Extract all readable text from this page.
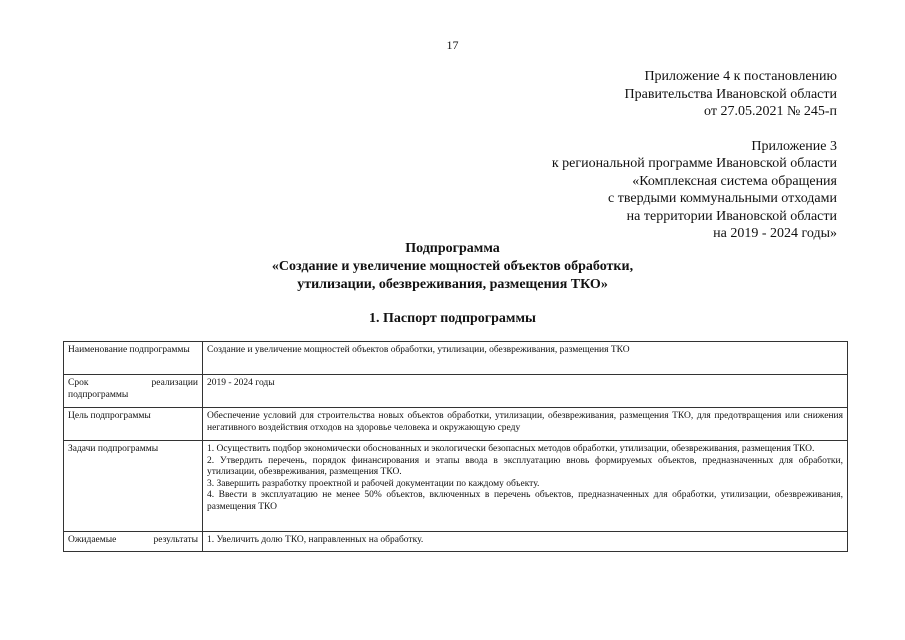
17
Приложение 4 к постановлению
Правительства Ивановской области
от 27.05.2021 № 245-п
Приложение 3
к региональной программе Ивановской области
«Комплексная система обращения
с твердыми коммунальными отходами
на территории Ивановской области
на 2019 - 2024 годы»
Подпрограмма
«Создание и увеличение мощностей объектов обработки,
утилизации, обезвреживания, размещения ТКО»
1. Паспорт подпрограммы
Наименование подпрограммы	Создание и увеличение мощностей объектов обработки, утилизации, обезвреживания, размещения ТКО
Срок реализации подпрограммы	2019 - 2024 годы
Цель подпрограммы	Обеспечение условий для строительства новых объектов обработки, утилизации, обезвреживания, размещения ТКО, для предотвращения или снижения негативного воздействия отходов на здоровье человека и окружающую среду
Задачи подпрограммы	1. Осуществить подбор экономически обоснованных и экологически безопасных методов обработки, утилизации, обезвреживания, размещения ТКО.
2. Утвердить перечень, порядок финансирования и этапы ввода в эксплуатацию вновь формируемых объектов, предназначенных для обработки, утилизации, обезвреживания, размещения ТКО.
3. Завершить разработку проектной и рабочей документации по каждому объекту.
4. Ввести в эксплуатацию не менее 50% объектов, включенных в перечень объектов, предназначенных для обработки, утилизации, обезвреживания, размещения ТКО

Ожидаемые результаты	1. Увеличить долю ТКО, направленных на обработку.
